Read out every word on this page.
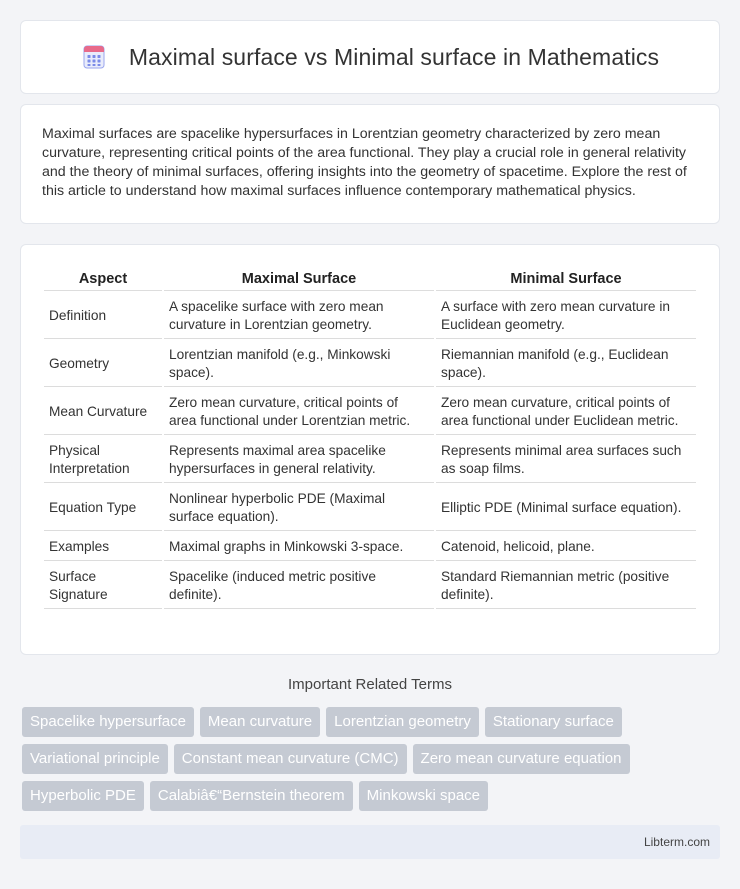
Maximal surface vs Minimal surface in Mathematics

Maximal surfaces are spacelike hypersurfaces in Lorentzian geometry characterized by zero mean curvature, representing critical points of the area functional. They play a crucial role in general relativity and the theory of minimal surfaces, offering insights into the geometry of spacetime. Explore the rest of this article to understand how maximal surfaces influence contemporary mathematical physics.

Aspect	Maximal Surface	Minimal Surface
Definition	A spacelike surface with zero mean curvature in Lorentzian geometry.	A surface with zero mean curvature in Euclidean geometry.
Geometry	Lorentzian manifold (e.g., Minkowski space).	Riemannian manifold (e.g., Euclidean space).
Mean Curvature	Zero mean curvature, critical points of area functional under Lorentzian metric.	Zero mean curvature, critical points of area functional under Euclidean metric.
Physical Interpretation	Represents maximal area spacelike hypersurfaces in general relativity.	Represents minimal area surfaces such as soap films.
Equation Type	Nonlinear hyperbolic PDE (Maximal surface equation).	Elliptic PDE (Minimal surface equation).
Examples	Maximal graphs in Minkowski 3-space.	Catenoid, helicoid, plane.
Surface Signature	Spacelike (induced metric positive definite).	Standard Riemannian metric (positive definite).
Important Related Terms
Spacelike hypersurface	Mean curvature	Lorentzian geometry	Stationary surface
Variational principle	Constant mean curvature (CMC)	Zero mean curvature equation
Hyperbolic PDE	Calabiâ€“Bernstein theorem	Minkowski space
Libterm.com
